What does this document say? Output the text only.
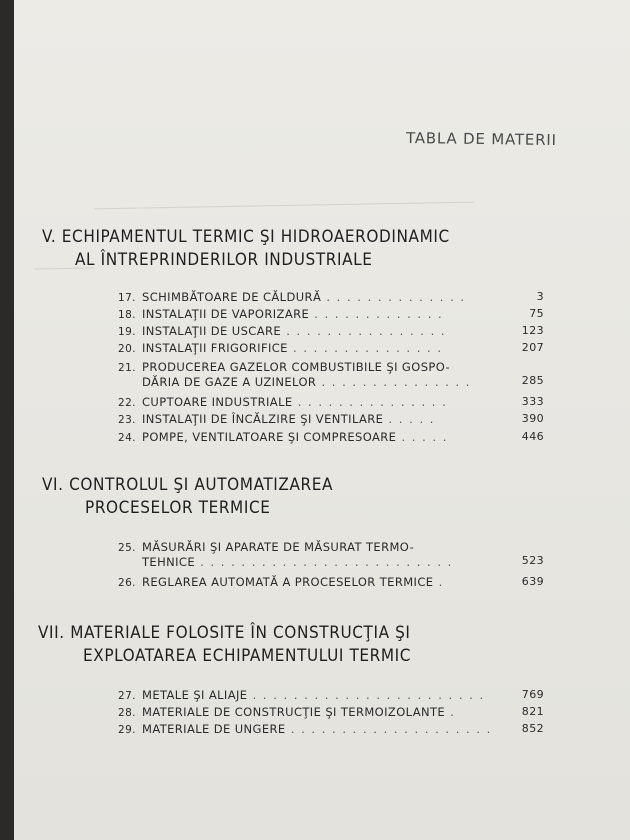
TABLA DE MATERII
V. ECHIPAMENTUL TERMIC ŞI HIDROAERODINAMIC
AL ÎNTREPRINDERILOR INDUSTRIALE
17. SCHIMBĂTOARE DE CĂLDURĂ . . . . . . . . . . . . . .	3
18. INSTALAŢII DE VAPORIZARE . . . . . . . . . . . . .	75
19. INSTALAŢII DE USCARE . . . . . . . . . . . . . . . .	123
20. INSTALAŢII FRIGORIFICE . . . . . . . . . . . . . . .	207
21. PRODUCEREA GAZELOR COMBUSTIBILE ŞI GOSPO-
DĂRIA DE GAZE A UZINELOR . . . . . . . . . . . . . . .	285
22. CUPTOARE INDUSTRIALE . . . . . . . . . . . . . . .	333
23. INSTALAŢII DE ÎNCĂLZIRE ŞI VENTILARE . . . . .	390
24. POMPE, VENTILATOARE ŞI COMPRESOARE . . . . .	446
VI. CONTROLUL ŞI AUTOMATIZAREA
PROCESELOR TERMICE
25. MĂSURĂRI ŞI APARATE DE MĂSURAT TERMO-
TEHNICE . . . . . . . . . . . . . . . . . . . . . . . . .	523
26. REGLAREA AUTOMATĂ A PROCESELOR TERMICE .	639
VII. MATERIALE FOLOSITE ÎN CONSTRUCŢIA ŞI
EXPLOATAREA ECHIPAMENTULUI TERMIC
27. METALE ŞI ALIAJE . . . . . . . . . . . . . . . . . . . . . . .	769
28. MATERIALE DE CONSTRUCŢIE ŞI TERMOIZOLANTE .	821
29. MATERIALE DE UNGERE . . . . . . . . . . . . . . . . . . . .	852
